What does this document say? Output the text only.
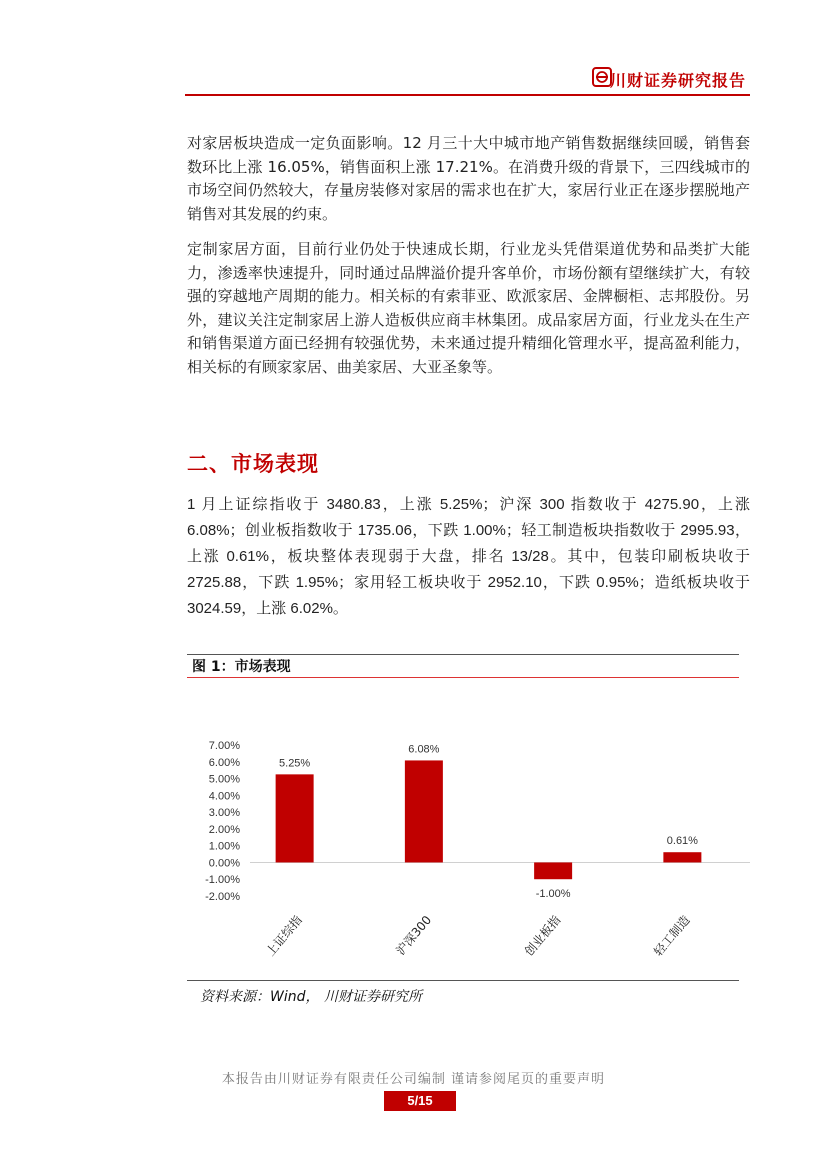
川财证券研究报告

对家居板块造成一定负面影响。12 月三十大中城市地产销售数据继续回暖，销售套数环比上涨 16.05%，销售面积上涨 17.21%。在消费升级的背景下，三四线城市的市场空间仍然较大，存量房装修对家居的需求也在扩大，家居行业正在逐步摆脱地产销售对其发展的约束。

定制家居方面，目前行业仍处于快速成长期，行业龙头凭借渠道优势和品类扩大能力，渗透率快速提升，同时通过品牌溢价提升客单价，市场份额有望继续扩大，有较强的穿越地产周期的能力。相关标的有索菲亚、欧派家居、金牌橱柜、志邦股份。另外，建议关注定制家居上游人造板供应商丰林集团。成品家居方面，行业龙头在生产和销售渠道方面已经拥有较强优势，未来通过提升精细化管理水平，提高盈利能力，相关标的有顾家家居、曲美家居、大亚圣象等。

二、市场表现

1 月上证综指收于 3480.83，上涨 5.25%；沪深 300 指数收于 4275.90，上涨 6.08%；创业板指数收于 1735.06，下跌 1.00%；轻工制造板块指数收于 2995.93，上涨 0.61%，板块整体表现弱于大盘，排名 13/28。其中，包装印刷板块收于 2725.88，下跌 1.95%；家用轻工板块收于 2952.10，下跌 0.95%；造纸板块收于 3024.59，上涨 6.02%。

图 1：市场表现
7.00%
6.00%
5.00%
4.00%
3.00%
2.00%
1.00%
0.00%
-1.00%
-2.00%
5.25%
上证综指
6.08%
沪深300
-1.00%
创业板指
0.61%
轻工制造
资料来源：Wind， 川财证券研究所
本报告由川财证券有限责任公司编制 谨请参阅尾页的重要声明
5/15
